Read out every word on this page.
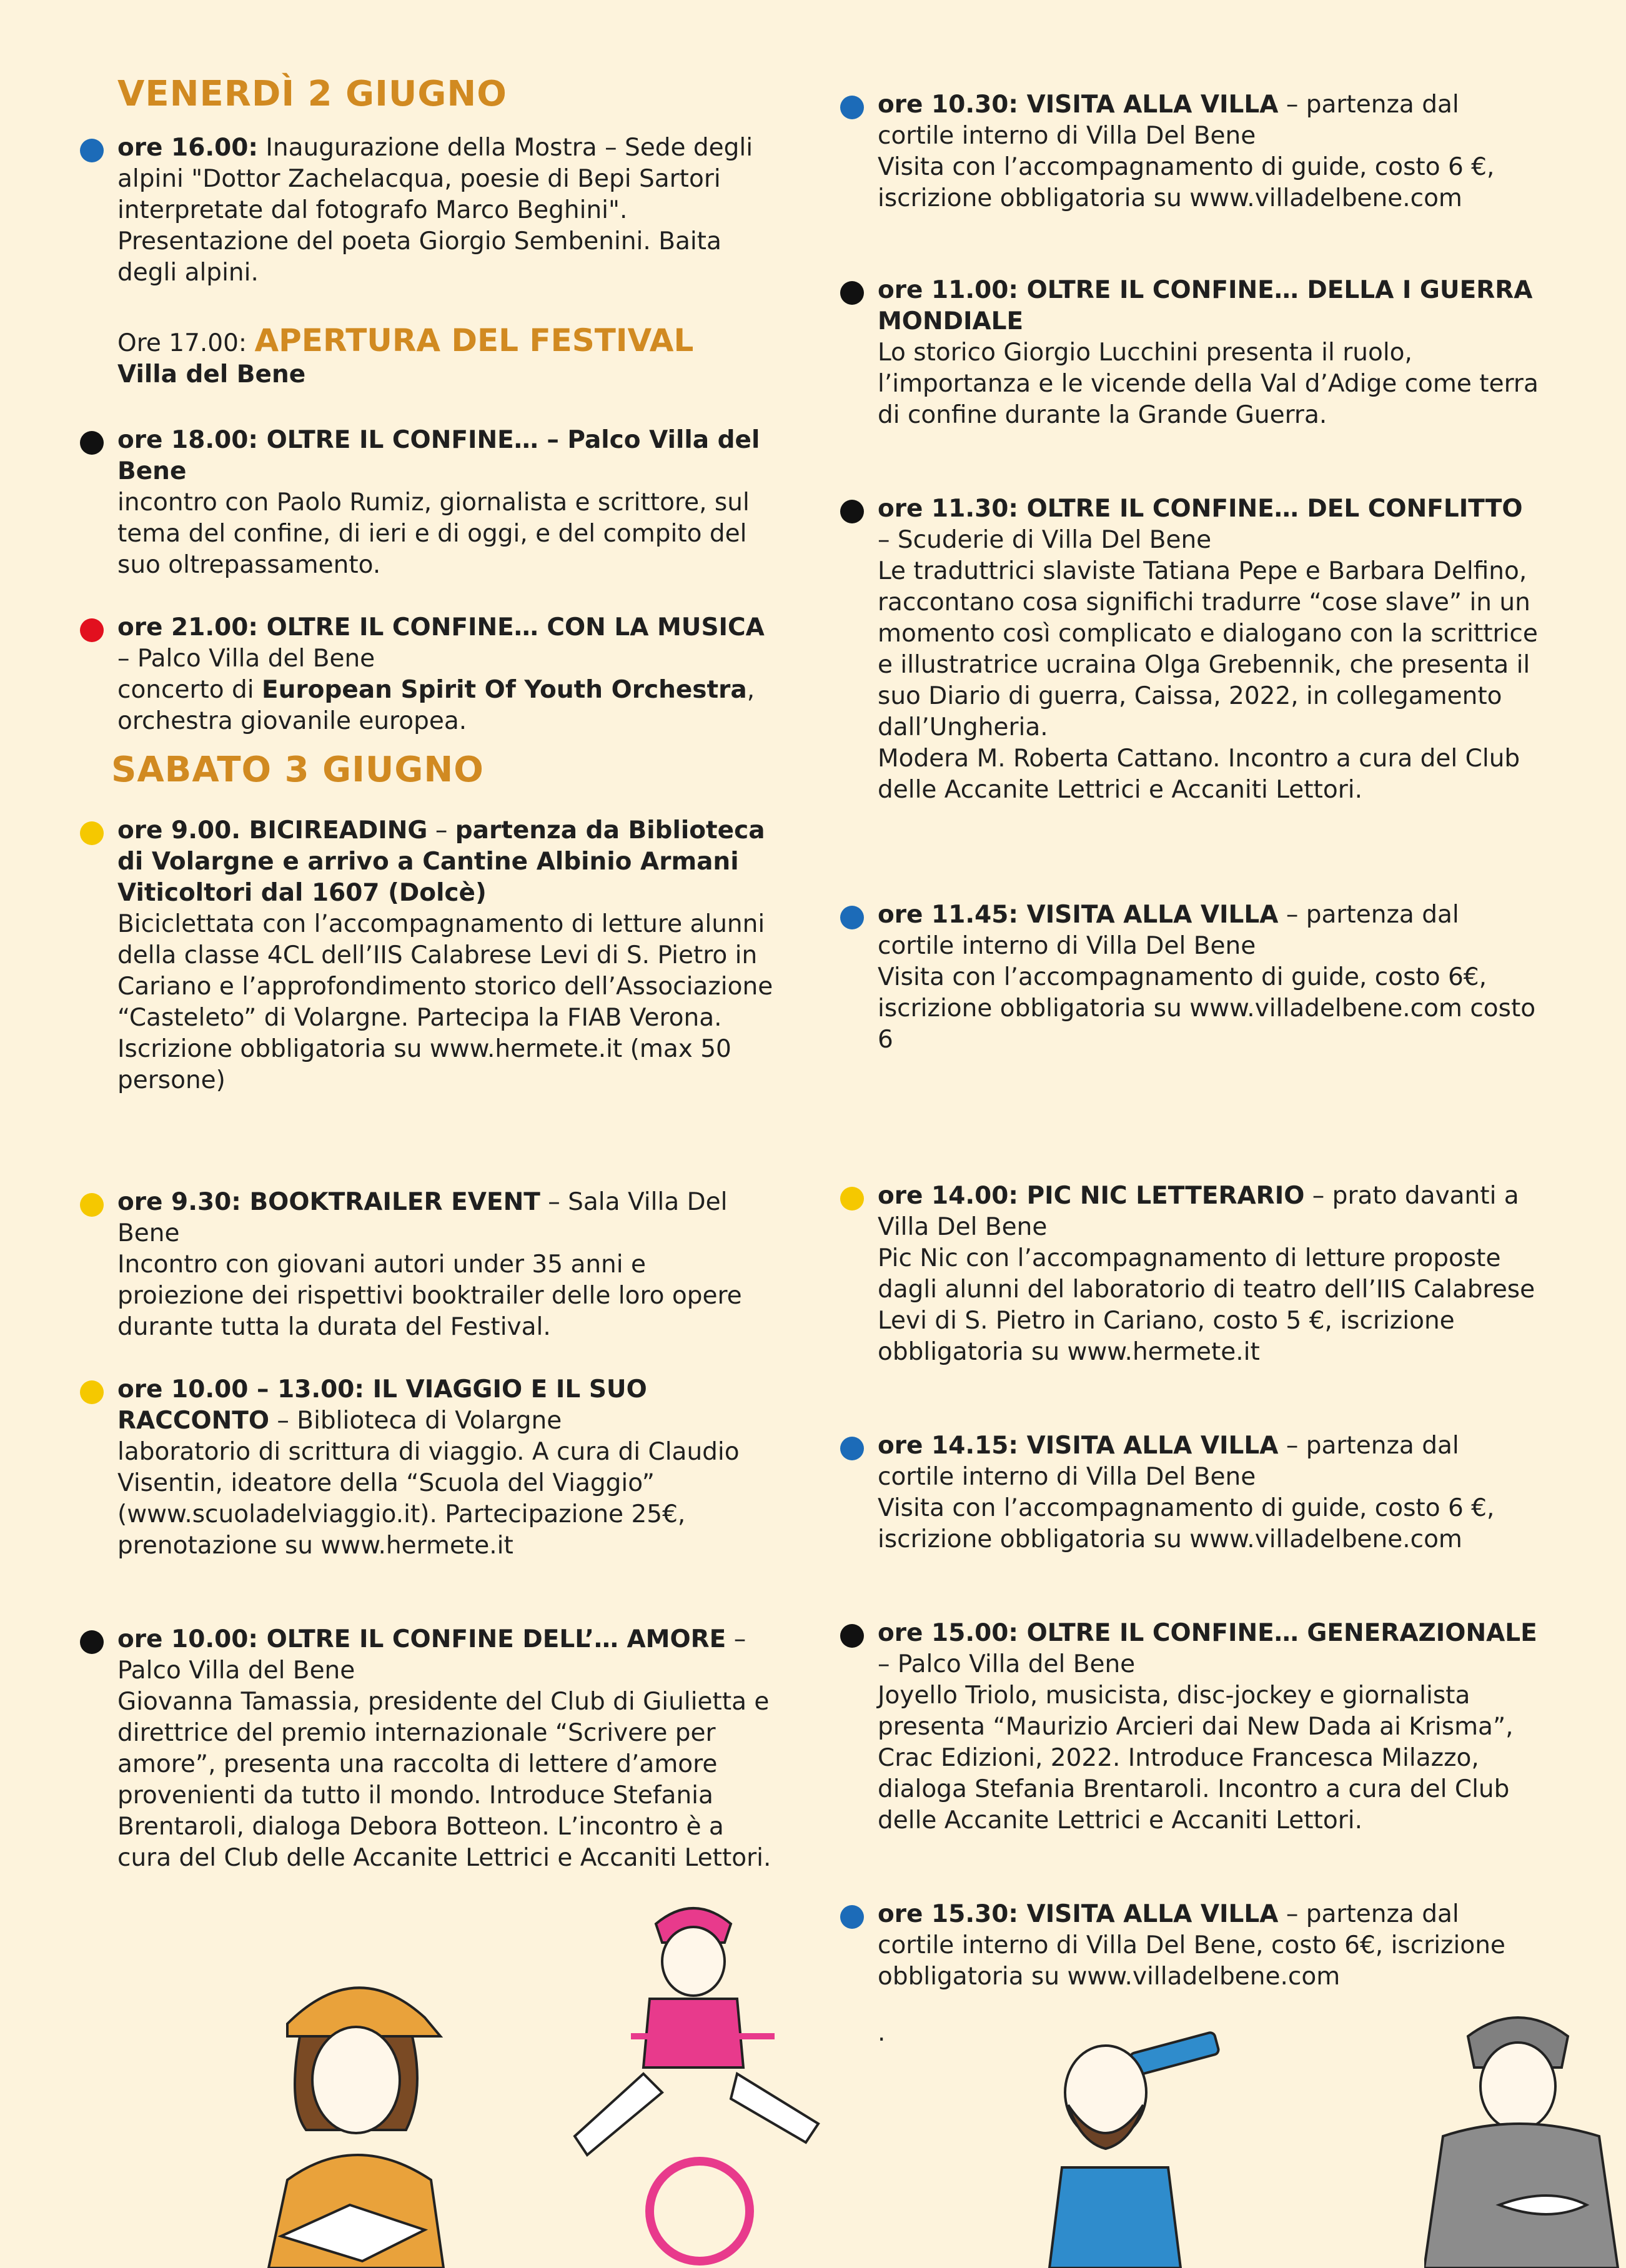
VENERDÌ 2 GIUGNO

ore 16.00: Inaugurazione della Mostra – Sede degli alpini "Dottor Zachelacqua, poesie di Bepi Sartori interpretate dal fotografo Marco Beghini". Presentazione del poeta Giorgio Sembenini. Baita degli alpini.

Ore 17.00: APERTURA DEL FESTIVAL

Villa del Bene

ore 18.00: OLTRE IL CONFINE… – Palco Villa del Bene

incontro con Paolo Rumiz, giornalista e scrittore, sul tema del confine, di ieri e di oggi, e del compito del suo oltrepassamento.

ore 21.00: OLTRE IL CONFINE… CON LA MUSICA – Palco Villa del Bene

concerto di European Spirit Of Youth Orchestra, orchestra giovanile europea.

SABATO 3 GIUGNO

ore 9.00. BICIREADING – partenza da Biblioteca di Volargne e arrivo a Cantine Albinio Armani Viticoltori dal 1607 (Dolcè)

Biciclettata con l’accompagnamento di letture alunni della classe 4CL dell’IIS Calabrese Levi di S. Pietro in Cariano e l’approfondimento storico dell’Associazione “Casteleto” di Volargne. Partecipa la FIAB Verona. Iscrizione obbligatoria su www.hermete.it (max 50 persone)

ore 9.30: BOOKTRAILER EVENT – Sala Villa Del Bene

Incontro con giovani autori under 35 anni e proiezione dei rispettivi booktrailer delle loro opere durante tutta la durata del Festival.

ore 10.00 – 13.00: IL VIAGGIO E IL SUO RACCONTO – Biblioteca di Volargne

laboratorio di scrittura di viaggio. A cura di Claudio Visentin, ideatore della “Scuola del Viaggio” (www.scuoladelviaggio.it). Partecipazione 25€, prenotazione su www.hermete.it

ore 10.00: OLTRE IL CONFINE DELL’… AMORE – Palco Villa del Bene

Giovanna Tamassia, presidente del Club di Giulietta e direttrice del premio internazionale “Scrivere per amore”, presenta una raccolta di lettere d’amore provenienti da tutto il mondo. Introduce Stefania Brentaroli, dialoga Debora Botteon. L’incontro è a cura del Club delle Accanite Lettrici e Accaniti Lettori.

ore 10.30: VISITA ALLA VILLA – partenza dal cortile interno di Villa Del Bene

Visita con l’accompagnamento di guide, costo 6 €, iscrizione obbligatoria su www.villadelbene.com

ore 11.00: OLTRE IL CONFINE… DELLA I GUERRA MONDIALE

Lo storico Giorgio Lucchini presenta il ruolo, l’importanza e le vicende della Val d’Adige come terra di confine durante la Grande Guerra.

ore 11.30: OLTRE IL CONFINE… DEL CONFLITTO – Scuderie di Villa Del Bene

Le traduttrici slaviste Tatiana Pepe e Barbara Delfino, raccontano cosa significhi tradurre “cose slave” in un momento così complicato e dialogano con la scrittrice e illustratrice ucraina Olga Grebennik, che presenta il suo Diario di guerra, Caissa, 2022, in collegamento dall’Ungheria.

Modera M. Roberta Cattano. Incontro a cura del Club delle Accanite Lettrici e Accaniti Lettori.

ore 11.45: VISITA ALLA VILLA – partenza dal cortile interno di Villa Del Bene

Visita con l’accompagnamento di guide, costo 6€, iscrizione obbligatoria su www.villadelbene.com costo 6

ore 14.00: PIC NIC LETTERARIO – prato davanti a Villa Del Bene

Pic Nic con l’accompagnamento di letture proposte dagli alunni del laboratorio di teatro dell’IIS Calabrese Levi di S. Pietro in Cariano, costo 5 €, iscrizione obbligatoria su www.hermete.it

ore 14.15: VISITA ALLA VILLA – partenza dal cortile interno di Villa Del Bene

Visita con l’accompagnamento di guide, costo 6 €, iscrizione obbligatoria su www.villadelbene.com

ore 15.00: OLTRE IL CONFINE… GENERAZIONALE – Palco Villa del Bene

Joyello Triolo, musicista, disc-jockey e giornalista presenta “Maurizio Arcieri dai New Dada ai Krisma”, Crac Edizioni, 2022. Introduce Francesca Milazzo, dialoga Stefania Brentaroli. Incontro a cura del Club delle Accanite Lettrici e Accaniti Lettori.

ore 15.30: VISITA ALLA VILLA – partenza dal cortile interno di Villa Del Bene, costo 6€, iscrizione obbligatoria su www.villadelbene.com

.
